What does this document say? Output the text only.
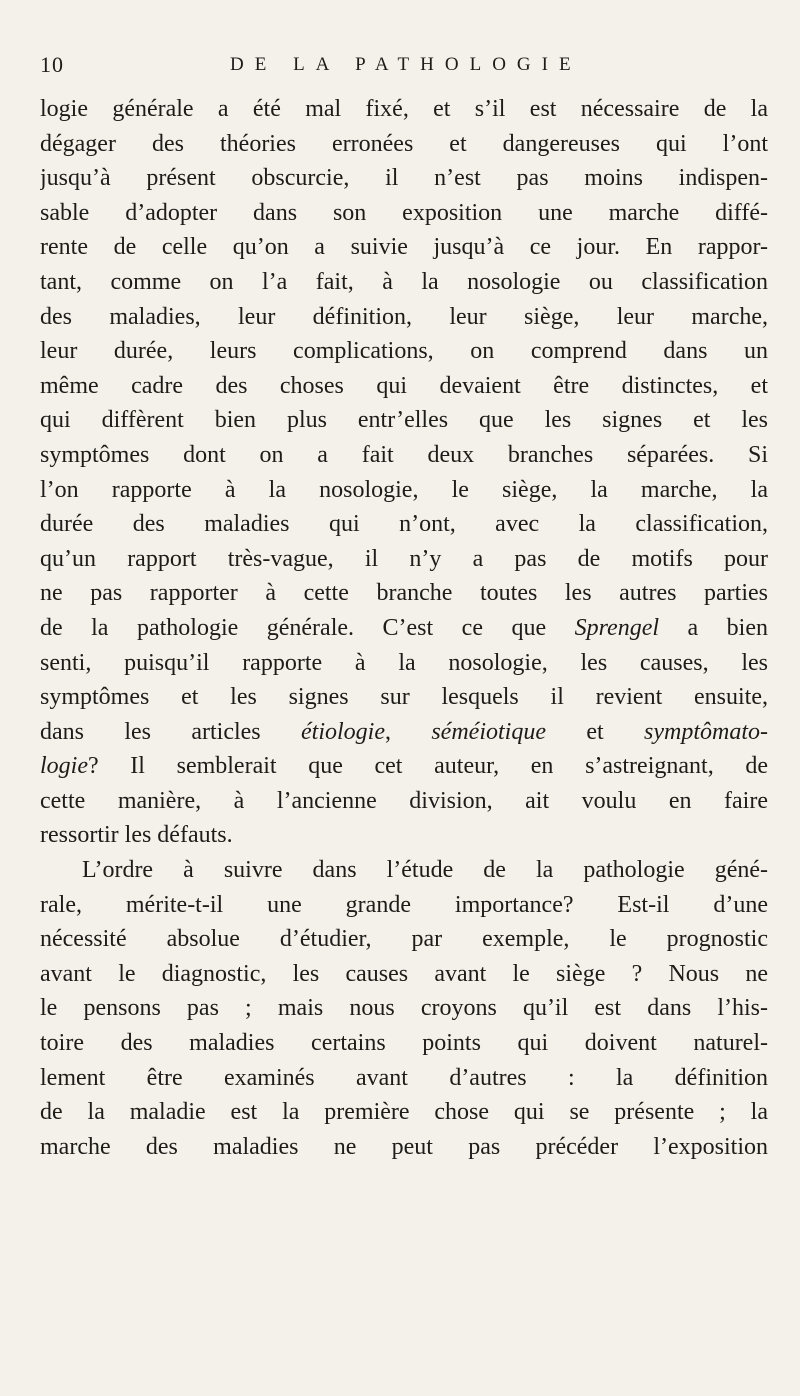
10	DE LA PATHOLOGIE
logie générale a été mal fixé, et s’il est nécessaire de la
dégager des théories erronées et dangereuses qui l’ont
jusqu’à présent obscurcie, il n’est pas moins indispen-
sable d’adopter dans son exposition une marche diffé-
rente de celle qu’on a suivie jusqu’à ce jour. En rappor-
tant, comme on l’a fait, à la nosologie ou classification
des maladies, leur définition, leur siège, leur marche,
leur durée, leurs complications, on comprend dans un
même cadre des choses qui devaient être distinctes, et
qui diffèrent bien plus entr’elles que les signes et les
symptômes dont on a fait deux branches séparées. Si
l’on rapporte à la nosologie, le siège, la marche, la
durée des maladies qui n’ont, avec la classification,
qu’un rapport très-vague, il n’y a pas de motifs pour
ne pas rapporter à cette branche toutes les autres parties
de la pathologie générale. C’est ce que Sprengel a bien
senti, puisqu’il rapporte à la nosologie, les causes, les
symptômes et les signes sur lesquels il revient ensuite,
dans les articles étiologie, séméiotique et symptômato-
logie? Il semblerait que cet auteur, en s’astreignant, de
cette manière, à l’ancienne division, ait voulu en faire
ressortir les défauts.
L’ordre à suivre dans l’étude de la pathologie géné-
rale, mérite-t-il une grande importance? Est-il d’une
nécessité absolue d’étudier, par exemple, le prognostic
avant le diagnostic, les causes avant le siège ? Nous ne
le pensons pas ; mais nous croyons qu’il est dans l’his-
toire des maladies certains points qui doivent naturel-
lement être examinés avant d’autres : la définition
de la maladie est la première chose qui se présente ; la
marche des maladies ne peut pas précéder l’exposition
